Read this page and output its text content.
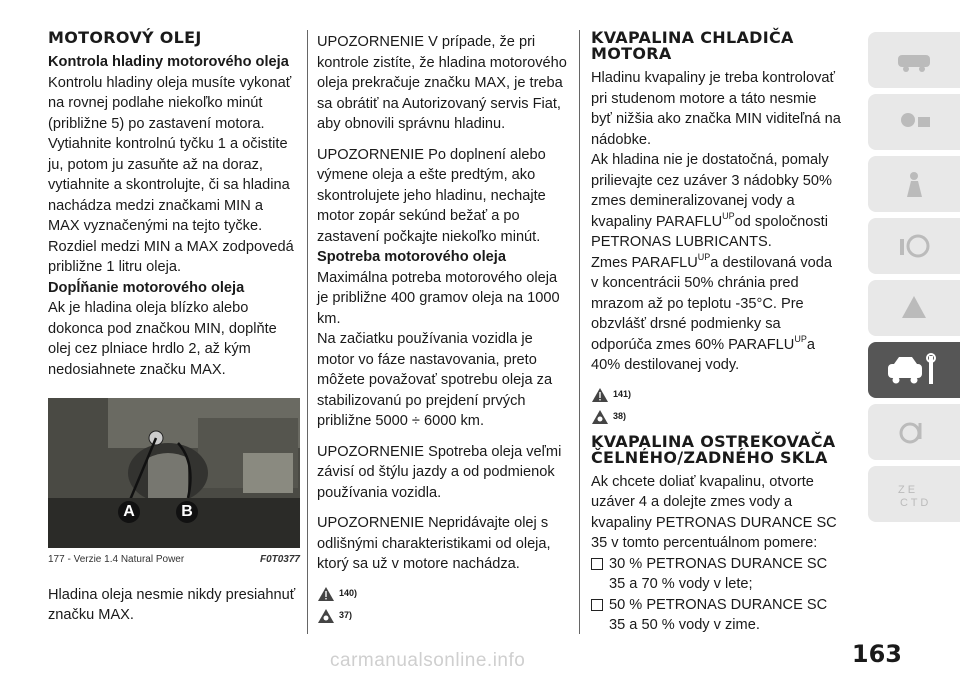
MOTOROVÝ OLEJ

Kontrola hladiny motorového oleja

Kontrolu hladiny oleja musíte vykonať na rovnej podlahe niekoľko minút (približne 5) po zastavení motora. Vytiahnite kontrolnú tyčku 1 a očistite ju, potom ju zasuňte až na doraz, vytiahnite a skontrolujte, či sa hladina nachádza medzi značkami MIN a MAX vyznačenými na tejto tyčke. Rozdiel medzi MIN a MAX zodpovedá približne 1 litru oleja.

Dopĺňanie motorového oleja

Ak je hladina oleja blízko alebo dokonca pod značkou MIN, doplňte olej cez plniace hrdlo 2, až kým nedosiahnete značku MAX.

A	B
177 - Verzie 1.4 Natural Power	F0T0377

Hladina oleja nesmie nikdy presiahnuť značku MAX.

UPOZORNENIE V prípade, že pri kontrole zistíte, že hladina motorového oleja prekračuje značku MAX, je treba sa obrátiť na Autorizovaný servis Fiat, aby obnovili správnu hladinu.

UPOZORNENIE Po doplnení alebo výmene oleja a ešte predtým, ako skontrolujete jeho hladinu, nechajte motor zopár sekúnd bežať a po zastavení počkajte niekoľko minút.

Spotreba motorového oleja

Maximálna potreba motorového oleja je približne 400 gramov oleja na 1000 km.

Na začiatku používania vozidla je motor vo fáze nastavovania, preto môžete považovať spotrebu oleja za stabilizovanú po prejdení prvých približne 5000 ÷ 6000 km.

UPOZORNENIE Spotreba oleja veľmi závisí od štýlu jazdy a od podmienok používania vozidla.

UPOZORNENIE Nepridávajte olej s odlišnými charakteristikami od oleja, ktorý sa už v motore nachádza.

140)
37)
KVAPALINA CHLADIČA MOTORA

Hladinu kvapaliny je treba kontrolovať pri studenom motore a táto nesmie byť nižšia ako značka MIN viditeľná na nádobke.

Ak hladina nie je dostatočná, pomaly prilievajte cez uzáver 3 nádobky 50% zmes demineralizovanej vody a kvapaliny $PARAFLU^{UP}od$ spoločnosti PETRONAS LUBRICANTS.

Zmes $PARAFLU^{UP}a$ destilovaná voda v koncentrácii 50% chránia pred mrazom až po teplotu -35°C. Pre obzvlášť drsné podmienky sa odporúča zmes 60% $PARAFLU^{UP}a$ 40% destilovanej vody.

141)
38)
KVAPALINA OSTREKOVAČA ČELNÉHO/ZADNÉHO SKLA

Ak chcete doliať kvapalinu, otvorte uzáver 4 a dolejte zmes vody a kvapaliny PETRONAS DURANCE SC 35 v tomto percentuálnom pomere:

30 % PETRONAS DURANCE SC 35 a 70 % vody v lete;
50 % PETRONAS DURANCE SC 35 a 50 % vody v zime.
Z E
C T D
163
carmanualsonline.info
